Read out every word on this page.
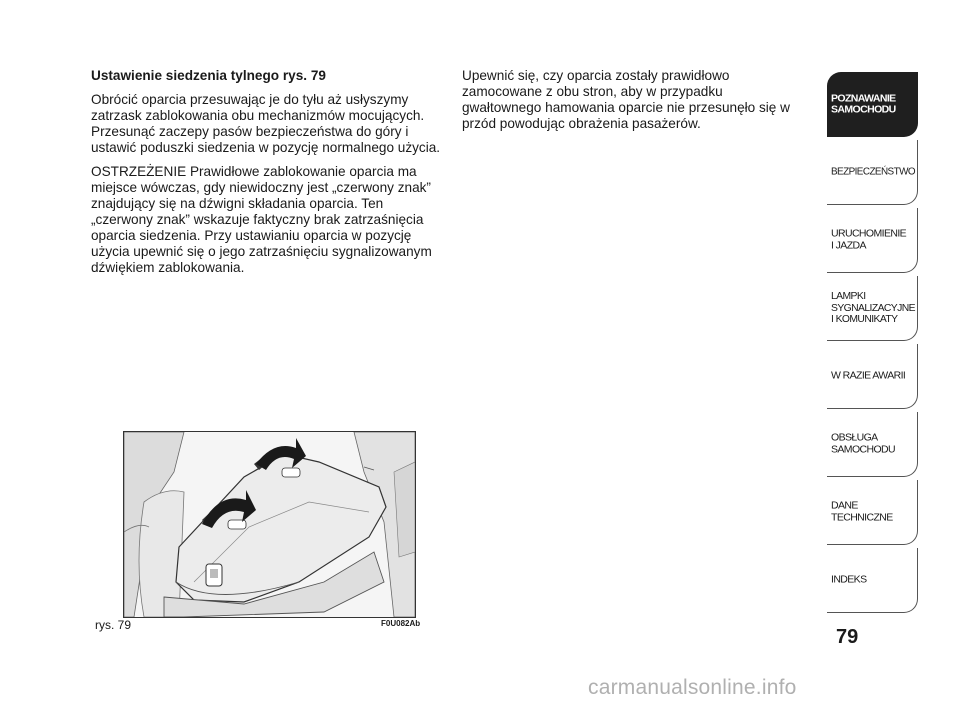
Ustawienie siedzenia tylnego rys. 79

Obrócić oparcia przesuwając je do tyłu aż usłyszymy zatrzask zablokowania obu mechanizmów mocujących. Przesunąć zaczepy pasów bezpieczeństwa do góry i ustawić poduszki siedzenia w pozycję normalnego użycia.

OSTRZEŻENIE Prawidłowe zablokowanie oparcia ma miejsce wówczas, gdy niewidoczny jest „czerwony znak” znajdujący się na dźwigni składania oparcia. Ten „czerwony znak” wskazuje faktyczny brak zatrzaśnięcia oparcia siedzenia. Przy ustawianiu oparcia w pozycję użycia upewnić się o jego zatrzaśnięciu sygnalizowanym dźwiękiem zablokowania.

Upewnić się, czy oparcia zostały prawidłowo zamocowane z obu stron, aby w przypadku gwałtownego hamowania oparcie nie przesunęło się w przód powodując obrażenia pasażerów.

rys. 79	F0U082Ab
POZNAWANIE
SAMOCHODU
BEZPIECZEŃSTWO
URUCHOMIENIE
I JAZDA
LAMPKI
SYGNALIZACYJNE
I KOMUNIKATY
W RAZIE AWARII
OBSŁUGA
SAMOCHODU
DANE
TECHNICZNE
INDEKS
79
carmanualsonline.info
